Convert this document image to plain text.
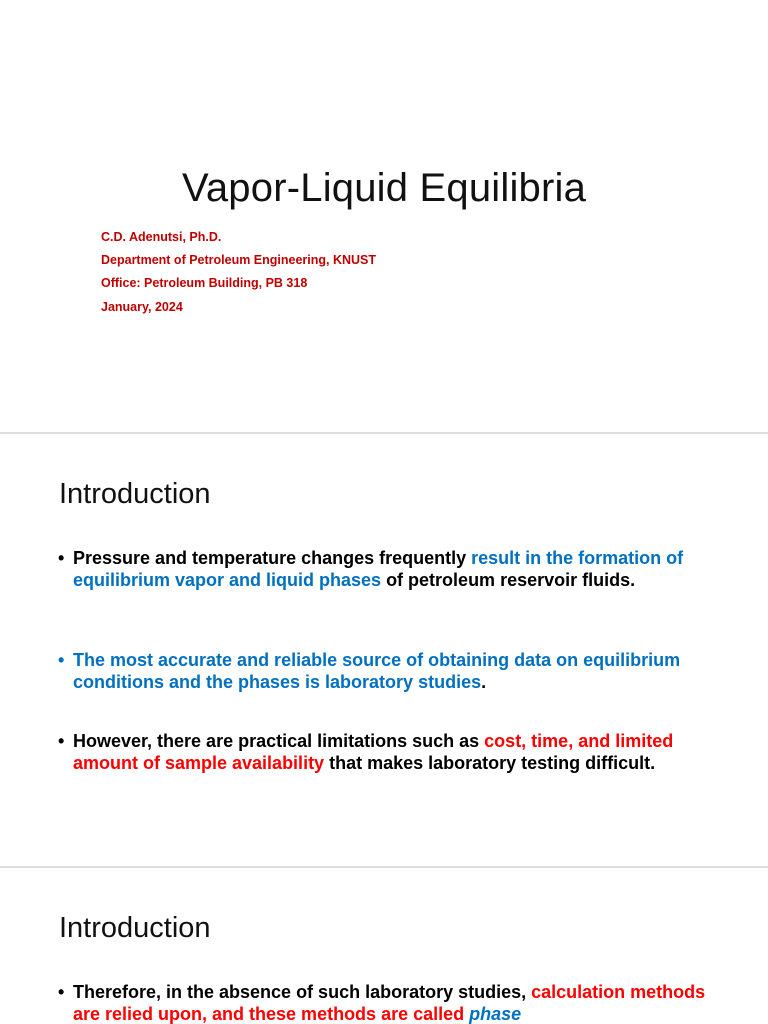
Vapor-Liquid Equilibria

C.D. Adenutsi, Ph.D.

Department of Petroleum Engineering, KNUST

Office: Petroleum Building, PB 318

January, 2024

Introduction
• Pressure and temperature changes frequently result in the formation of equilibrium vapor and liquid phases of petroleum reservoir fluids.
• The most accurate and reliable source of obtaining data on equilibrium conditions and the phases is laboratory studies.
• However, there are practical limitations such as cost, time, and limited amount of sample availability that makes laboratory testing difficult.
Introduction
• Therefore, in the absence of such laboratory studies, calculation methods are relied upon, and these methods are called phase
